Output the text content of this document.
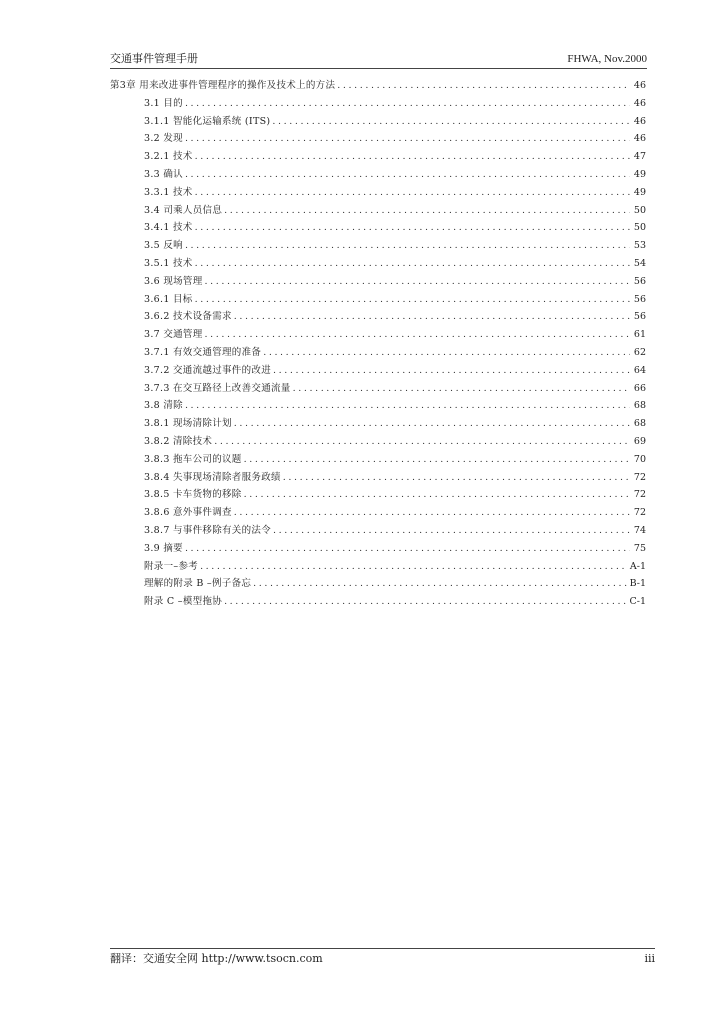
交通事件管理手册	FHWA, Nov.2000
第3章 用来改进事件管理程序的操作及技术上的方法 .....	46
3.1 目的 .....	46
3.1.1 智能化运输系统 (ITS) .....	46
3.2 发现 .....	46
3.2.1 技术 .....	47
3.3 确认 .....	49
3.3.1 技术 .....	49
3.4 司乘人员信息 .....	50
3.4.1 技术 .....	50
3.5 反响 .....	53
3.5.1 技术 .....	54
3.6 现场管理 .....	56
3.6.1 目标 .....	56
3.6.2 技术设备需求 .....	56
3.7 交通管理 .....	61
3.7.1 有效交通管理的准备 .....	62
3.7.2 交通流越过事件的改进 .....	64
3.7.3 在交互路径上改善交通流量 .....	66
3.8 清除 .....	68
3.8.1 现场清除计划 .....	68
3.8.2 清除技术 .....	69
3.8.3 拖车公司的议题 .....	70
3.8.4 失事现场清除者服务政绩 .....	72
3.8.5 卡车货物的移除 .....	72
3.8.6 意外事件调查 .....	72
3.8.7 与事件移除有关的法令 .....	74
3.9 摘要 .....	75
附录一–参考 .....	A-1
理解的附录 B –例子备忘 .....	B-1
附录 C –模型拖协 .....	C-1
翻译：交通安全网 http://www.tsocn.com	iii
